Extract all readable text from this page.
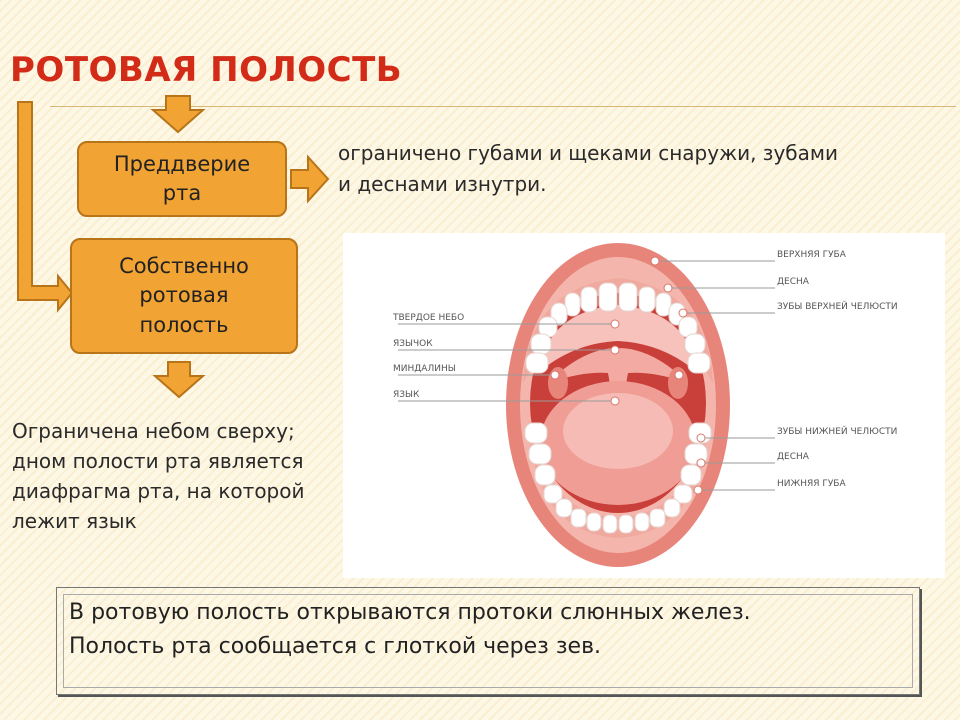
РОТОВАЯ ПОЛОСТЬ
Преддверие
рта
Собственно
ротовая
полость
ограничено губами и щеками снаружи, зубами
и деснами изнутри.
Ограничена небом сверху;
дном полости рта является
диафрагма рта, на которой
лежит язык
ТВЕРДОЕ НЕБО
ЯЗЫЧОК
МИНДАЛИНЫ
ЯЗЫК
ВЕРХНЯЯ ГУБА
ДЕСНА
ЗУБЫ ВЕРХНЕЙ ЧЕЛЮСТИ
ЗУБЫ НИЖНЕЙ ЧЕЛЮСТИ
ДЕСНА
НИЖНЯЯ ГУБА

В ротовую полость открываются протоки слюнных желез.

Полость рта сообщается с глоткой через зев.
